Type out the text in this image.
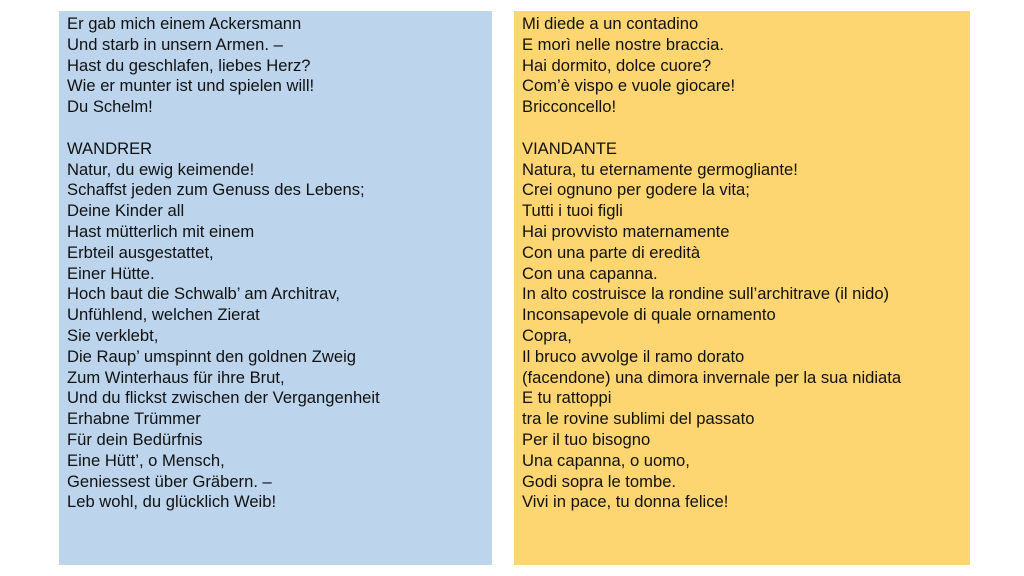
Er gab mich einem Ackersmann
Und starb in unsern Armen. –
Hast du geschlafen, liebes Herz?
Wie er munter ist und spielen will!
Du Schelm!
WANDRER
Natur, du ewig keimende!
Schaffst jeden zum Genuss des Lebens;
Deine Kinder all
Hast mütterlich mit einem
Erbteil ausgestattet,
Einer Hütte.
Hoch baut die Schwalb’ am Architrav,
Unfühlend, welchen Zierat
Sie verklebt,
Die Raup’ umspinnt den goldnen Zweig
Zum Winterhaus für ihre Brut,
Und du flickst zwischen der Vergangenheit
Erhabne Trümmer
Für dein Bedürfnis
Eine Hütt’, o Mensch,
Geniessest über Gräbern. –
Leb wohl, du glücklich Weib!
Mi diede a un contadino
E morì nelle nostre braccia.
Hai dormito, dolce cuore?
Com’è vispo e vuole giocare!
Bricconcello!
VIANDANTE
Natura, tu eternamente germogliante!
Crei ognuno per godere la vita;
Tutti i tuoi figli
Hai provvisto maternamente
Con una parte di eredità
Con una capanna.
In alto costruisce la rondine sull’architrave (il nido)
Inconsapevole di quale ornamento
Copra,
Il bruco avvolge il ramo dorato
(facendone) una dimora invernale per la sua nidiata
E tu rattoppi
tra le rovine sublimi del passato
Per il tuo bisogno
Una capanna, o uomo,
Godi sopra le tombe.
Vivi in pace, tu donna felice!
